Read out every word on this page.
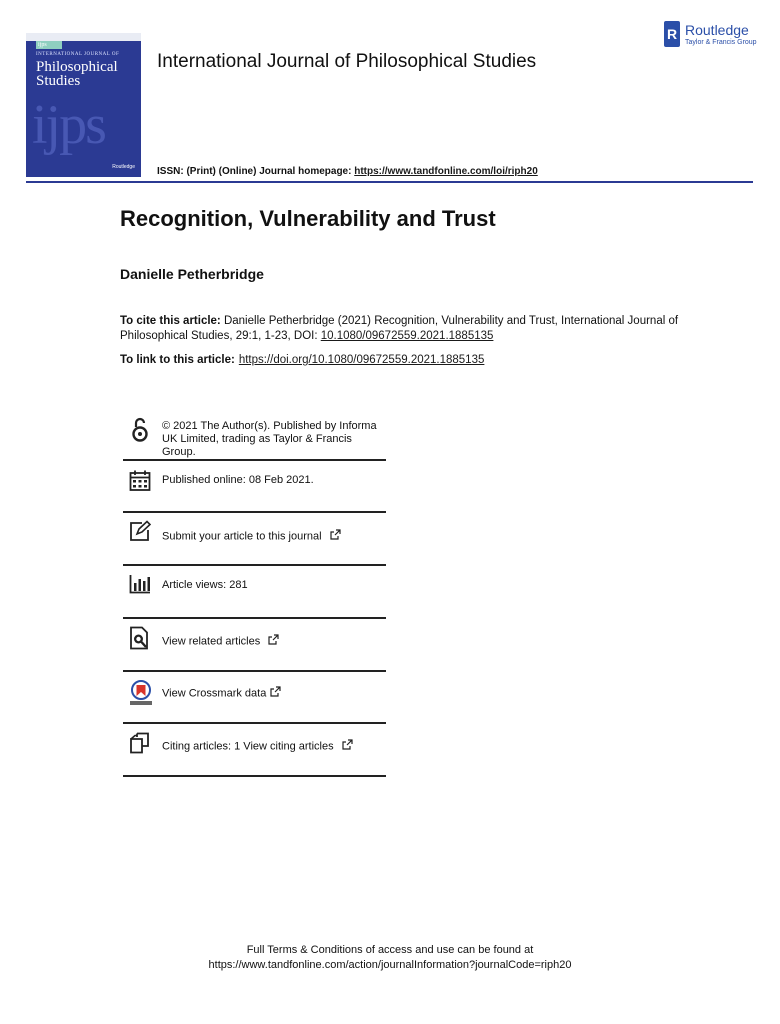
ijps
INTERNATIONAL JOURNAL OF
Philosophical
Studies
ijps
Routledge
International Journal of Philosophical Studies
ISSN: (Print) (Online) Journal homepage: https://www.tandfonline.com/loi/riph20
R Routledge
Taylor & Francis Group
Recognition, Vulnerability and Trust
Danielle Petherbridge
To cite this article: Danielle Petherbridge (2021) Recognition, Vulnerability and Trust, International Journal of Philosophical Studies, 29:1, 1-23, DOI: 10.1080/09672559.2021.1885135
To link to this article: https://doi.org/10.1080/09672559.2021.1885135
© 2021 The Author(s). Published by Informa UK Limited, trading as Taylor & Francis Group.
Published online: 08 Feb 2021.
Submit your article to this journal
Article views: 281
View related articles
View Crossmark data
Citing articles: 1 View citing articles
Full Terms & Conditions of access and use can be found at
https://www.tandfonline.com/action/journalInformation?journalCode=riph20
